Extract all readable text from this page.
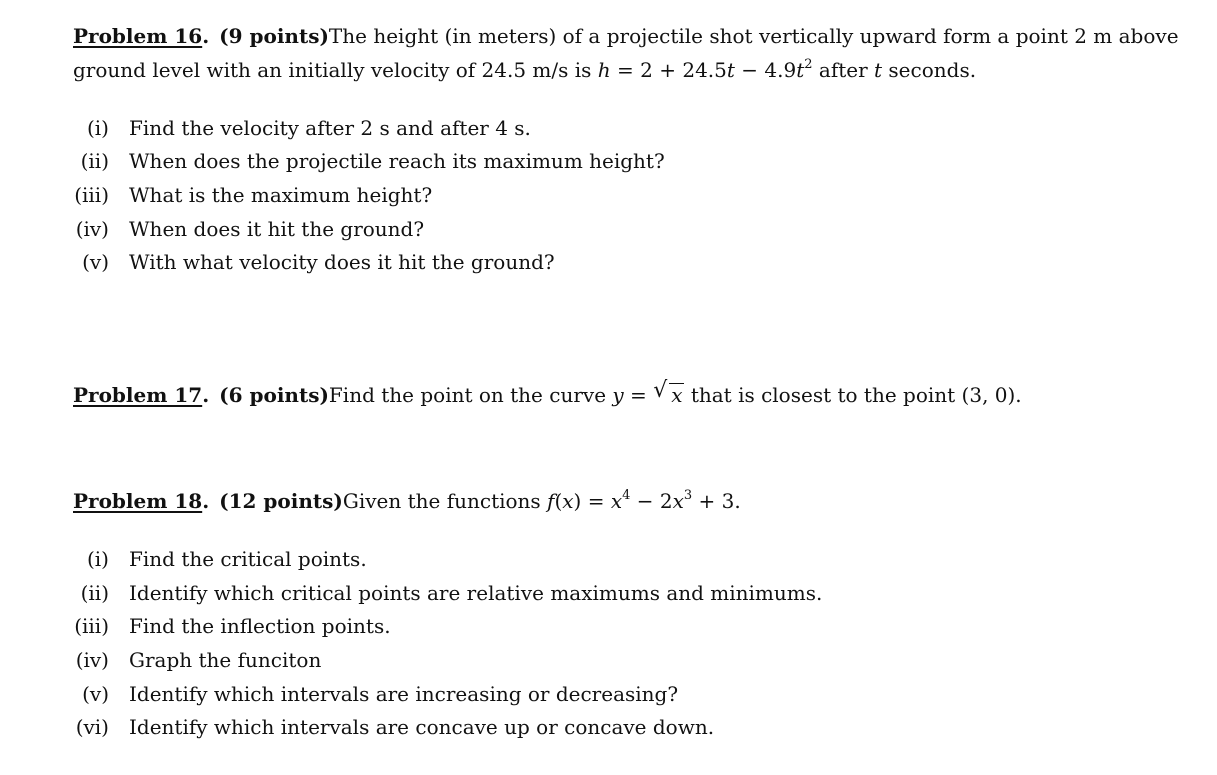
Problem 16. (9 points)The height (in meters) of a projectile shot vertically upward form a point 2 m above
ground level with an initially velocity of 24.5 m/s is $h = 2 + 24.5t - 4.9t^2$ after t seconds.
(i) Find the velocity after 2 s and after 4 s.
(ii) When does the projectile reach its maximum height?
(iii) What is the maximum height?
(iv) When does it hit the ground?
(v) With what velocity does it hit the ground?
Problem 17. (6 points)Find the point on the curve y = √ x that is closest to the point (3, 0).
Problem 18. (12 points)Given the functions $f(x) = x^4 - 2x^3 + 3$.
(i) Find the critical points.
(ii) Identify which critical points are relative maximums and minimums.
(iii) Find the inflection points.
(iv) Graph the funciton
(v) Identify which intervals are increasing or decreasing?
(vi) Identify which intervals are concave up or concave down.
